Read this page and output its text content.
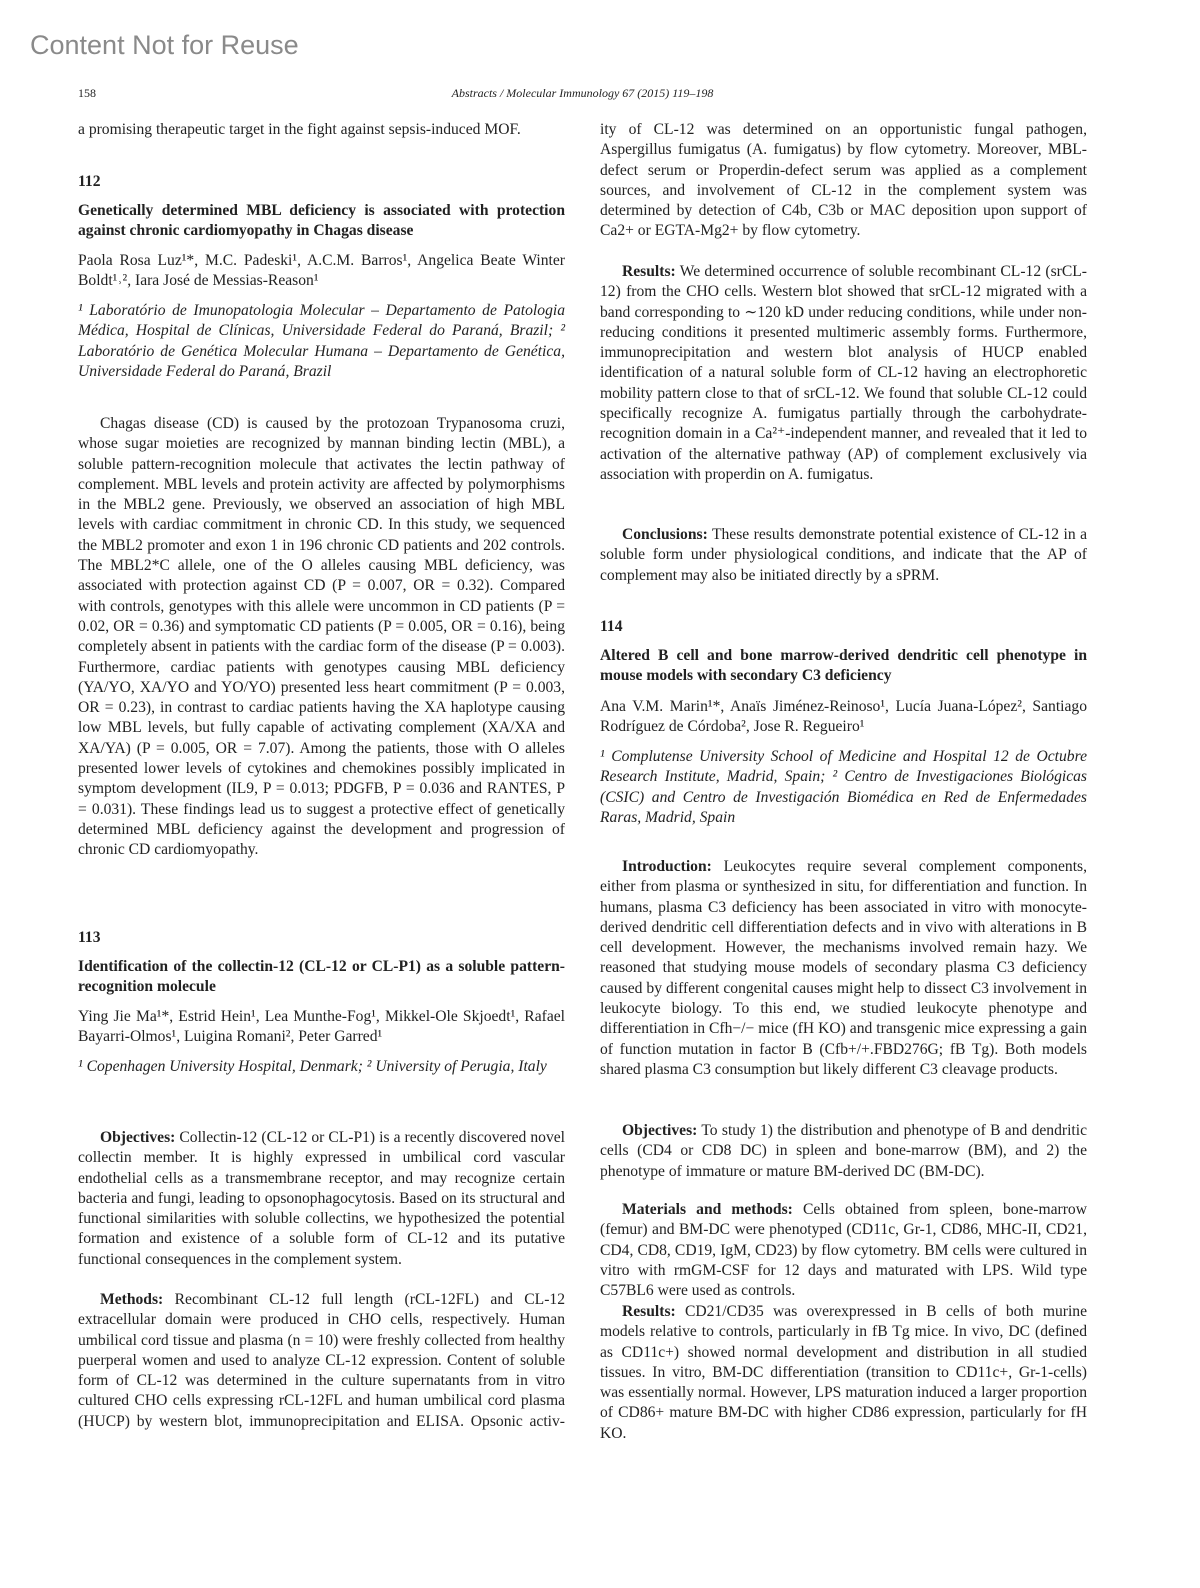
Content Not for Reuse
158	Abstracts / Molecular Immunology 67 (2015) 119–198
a promising therapeutic target in the fight against sepsis-induced MOF.
112
Genetically determined MBL deficiency is associated with protection against chronic cardiomyopathy in Chagas disease
Paola Rosa Luz¹*, M.C. Padeski¹, A.C.M. Barros¹, Angelica Beate Winter Boldt¹˒², Iara José de Messias-Reason¹
¹ Laboratório de Imunopatologia Molecular – Departamento de Patologia Médica, Hospital de Clínicas, Universidade Federal do Paraná, Brazil; ² Laboratório de Genética Molecular Humana – Departamento de Genética, Universidade Federal do Paraná, Brazil
Chagas disease (CD) is caused by the protozoan Trypanosoma cruzi, whose sugar moieties are recognized by mannan binding lectin (MBL), a soluble pattern-recognition molecule that activates the lectin pathway of complement. MBL levels and protein activity are affected by polymorphisms in the MBL2 gene. Previously, we observed an association of high MBL levels with cardiac commitment in chronic CD. In this study, we sequenced the MBL2 promoter and exon 1 in 196 chronic CD patients and 202 controls. The MBL2*C allele, one of the O alleles causing MBL deficiency, was associated with protection against CD (P = 0.007, OR = 0.32). Compared with controls, genotypes with this allele were uncommon in CD patients (P = 0.02, OR = 0.36) and symptomatic CD patients (P = 0.005, OR = 0.16), being completely absent in patients with the cardiac form of the disease (P = 0.003). Furthermore, cardiac patients with genotypes causing MBL deficiency (YA/YO, XA/YO and YO/YO) presented less heart commitment (P = 0.003, OR = 0.23), in contrast to cardiac patients having the XA haplotype causing low MBL levels, but fully capable of activating complement (XA/XA and XA/YA) (P = 0.005, OR = 7.07). Among the patients, those with O alleles presented lower levels of cytokines and chemokines possibly implicated in symptom development (IL9, P = 0.013; PDGFB, P = 0.036 and RANTES, P = 0.031). These findings lead us to suggest a protective effect of genetically determined MBL deficiency against the development and progression of chronic CD cardiomyopathy.
113
Identification of the collectin-12 (CL-12 or CL-P1) as a soluble pattern-recognition molecule
Ying Jie Ma¹*, Estrid Hein¹, Lea Munthe-Fog¹, Mikkel-Ole Skjoedt¹, Rafael Bayarri-Olmos¹, Luigina Romani², Peter Garred¹
¹ Copenhagen University Hospital, Denmark; ² University of Perugia, Italy
Objectives: Collectin-12 (CL-12 or CL-P1) is a recently discovered novel collectin member. It is highly expressed in umbilical cord vascular endothelial cells as a transmembrane receptor, and may recognize certain bacteria and fungi, leading to opsonophagocytosis. Based on its structural and functional similarities with soluble collectins, we hypothesized the potential formation and existence of a soluble form of CL-12 and its putative functional consequences in the complement system.
Methods: Recombinant CL-12 full length (rCL-12FL) and CL-12 extracellular domain were produced in CHO cells, respectively. Human umbilical cord tissue and plasma (n = 10) were freshly collected from healthy puerperal women and used to analyze CL-12 expression. Content of soluble form of CL-12 was determined in the culture supernatants from in vitro cultured CHO cells expressing rCL-12FL and human umbilical cord plasma (HUCP) by western blot, immunoprecipitation and ELISA. Opsonic activ-
ity of CL-12 was determined on an opportunistic fungal pathogen, Aspergillus fumigatus (A. fumigatus) by flow cytometry. Moreover, MBL-defect serum or Properdin-defect serum was applied as a complement sources, and involvement of CL-12 in the complement system was determined by detection of C4b, C3b or MAC deposition upon support of Ca2+ or EGTA-Mg2+ by flow cytometry.
Results: We determined occurrence of soluble recombinant CL-12 (srCL-12) from the CHO cells. Western blot showed that srCL-12 migrated with a band corresponding to ∼120 kD under reducing conditions, while under non-reducing conditions it presented multimeric assembly forms. Furthermore, immunoprecipitation and western blot analysis of HUCP enabled identification of a natural soluble form of CL-12 having an electrophoretic mobility pattern close to that of srCL-12. We found that soluble CL-12 could specifically recognize A. fumigatus partially through the carbohydrate-recognition domain in a Ca²⁺-independent manner, and revealed that it led to activation of the alternative pathway (AP) of complement exclusively via association with properdin on A. fumigatus.
Conclusions: These results demonstrate potential existence of CL-12 in a soluble form under physiological conditions, and indicate that the AP of complement may also be initiated directly by a sPRM.
114
Altered B cell and bone marrow-derived dendritic cell phenotype in mouse models with secondary C3 deficiency
Ana V.M. Marin¹*, Anaïs Jiménez-Reinoso¹, Lucía Juana-López², Santiago Rodríguez de Córdoba², Jose R. Regueiro¹
¹ Complutense University School of Medicine and Hospital 12 de Octubre Research Institute, Madrid, Spain; ² Centro de Investigaciones Biológicas (CSIC) and Centro de Investigación Biomédica en Red de Enfermedades Raras, Madrid, Spain
Introduction: Leukocytes require several complement components, either from plasma or synthesized in situ, for differentiation and function. In humans, plasma C3 deficiency has been associated in vitro with monocyte-derived dendritic cell differentiation defects and in vivo with alterations in B cell development. However, the mechanisms involved remain hazy. We reasoned that studying mouse models of secondary plasma C3 deficiency caused by different congenital causes might help to dissect C3 involvement in leukocyte biology. To this end, we studied leukocyte phenotype and differentiation in Cfh−/− mice (fH KO) and transgenic mice expressing a gain of function mutation in factor B (Cfb+/+.FBD276G; fB Tg). Both models shared plasma C3 consumption but likely different C3 cleavage products.
Objectives: To study 1) the distribution and phenotype of B and dendritic cells (CD4 or CD8 DC) in spleen and bone-marrow (BM), and 2) the phenotype of immature or mature BM-derived DC (BM-DC).
Materials and methods: Cells obtained from spleen, bone-marrow (femur) and BM-DC were phenotyped (CD11c, Gr-1, CD86, MHC-II, CD21, CD4, CD8, CD19, IgM, CD23) by flow cytometry. BM cells were cultured in vitro with rmGM-CSF for 12 days and maturated with LPS. Wild type C57BL6 were used as controls.
Results: CD21/CD35 was overexpressed in B cells of both murine models relative to controls, particularly in fB Tg mice. In vivo, DC (defined as CD11c+) showed normal development and distribution in all studied tissues. In vitro, BM-DC differentiation (transition to CD11c+, Gr-1-cells) was essentially normal. However, LPS maturation induced a larger proportion of CD86+ mature BM-DC with higher CD86 expression, particularly for fH KO.
